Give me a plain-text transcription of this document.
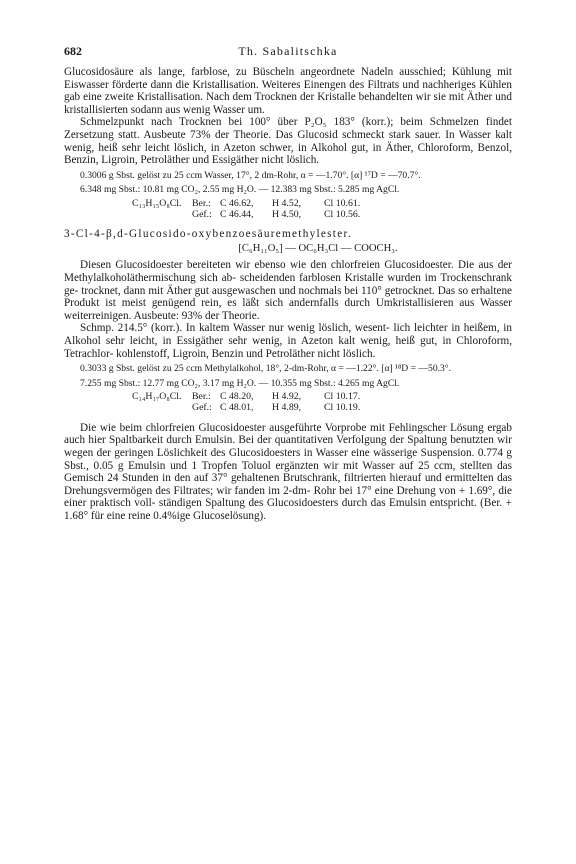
682	Th. Sabalitschka

Glucosidosäure als lange, farblose, zu Büscheln angeordnete Nadeln ausschied; Kühlung mit Eiswasser förderte dann die Kristallisation. Weiteres Einengen des Filtrats und nachheriges Kühlen gab eine zweite Kristallisation. Nach dem Trocknen der Kristalle behandelten wir sie mit Äther und kristallisierten sodann aus wenig Wasser um.

Schmelzpunkt nach Trocknen bei 100° über P₂O₅ 183° (korr.); beim Schmelzen findet Zersetzung statt. Ausbeute 73% der Theorie. Das Glucosid schmeckt stark sauer. In Wasser kalt wenig, heiß sehr leicht löslich, in Azeton schwer, in Alkohol gut, in Äther, Chloroform, Benzol, Benzin, Ligroin, Petroläther und Essigäther nicht löslich.

0.3006 g Sbst. gelöst zu 25 ccm Wasser, 17°, 2 dm-Rohr, α = —1.70°. [α] ¹⁷D = —70.7°.

6.348 mg Sbst.: 10.81 mg CO₂, 2.55 mg H₂O. — 12.383 mg Sbst.: 5.285 mg AgCl.

C₁₃H₁₅O₈Cl.	Ber.: C 46.62,	H 4.52,	Cl 10.61.
Gef.: C 46.44,	H 4.50,	Cl 10.56.
3-Cl-4-β,d-Glucosido-oxybenzoesäuremethylester.
[C₆H₁₁O₅] — OC₆H₃Cl — COOCH₃.

Diesen Glucosidoester bereiteten wir ebenso wie den chlorfreien Glucosidoester. Die aus der Methylalkoholäthermischung sich ab- scheidenden farblosen Kristalle wurden im Trockenschrank ge- trocknet, dann mit Äther gut ausgewaschen und nochmals bei 110° getrocknet. Das so erhaltene Produkt ist meist genügend rein, es läßt sich andernfalls durch Umkristallisieren aus Wasser weiterreinigen. Ausbeute: 93% der Theorie.

Schmp. 214.5° (korr.). In kaltem Wasser nur wenig löslich, wesent- lich leichter in heißem, in Alkohol sehr leicht, in Essigäther sehr wenig, in Azeton kalt wenig, heiß gut, in Chloroform, Tetrachlor- kohlenstoff, Ligroin, Benzin und Petroläther nicht löslich.

0.3033 g Sbst. gelöst zu 25 ccm Methylalkohol, 18°, 2-dm-Rohr, α = —1.22°. [α] ¹⁸D = —50.3°.

7.255 mg Sbst.: 12.77 mg CO₂, 3.17 mg H₂O. — 10.355 mg Sbst.: 4.265 mg AgCl.

C₁₄H₁₇O₈Cl.	Ber.: C 48.20,	H 4.92,	Cl 10.17.
Gef.: C 48.01,	H 4.89,	Cl 10.19.

Die wie beim chlorfreien Glucosidoester ausgeführte Vorprobe mit Fehlingscher Lösung ergab auch hier Spaltbarkeit durch Emulsin. Bei der quantitativen Verfolgung der Spaltung benutzten wir wegen der geringen Löslichkeit des Glucosidoesters in Wasser eine wässerige Suspension. 0.774 g Sbst., 0.05 g Emulsin und 1 Tropfen Toluol ergänzten wir mit Wasser auf 25 ccm, stellten das Gemisch 24 Stunden in den auf 37° gehaltenen Brutschrank, filtrierten hierauf und ermittelten das Drehungsvermögen des Filtrates; wir fanden im 2-dm- Rohr bei 17° eine Drehung von + 1.69°, die einer praktisch voll- ständigen Spaltung des Glucosidoesters durch das Emulsin entspricht. (Ber. + 1.68° für eine reine 0.4%ige Glucoselösung).
